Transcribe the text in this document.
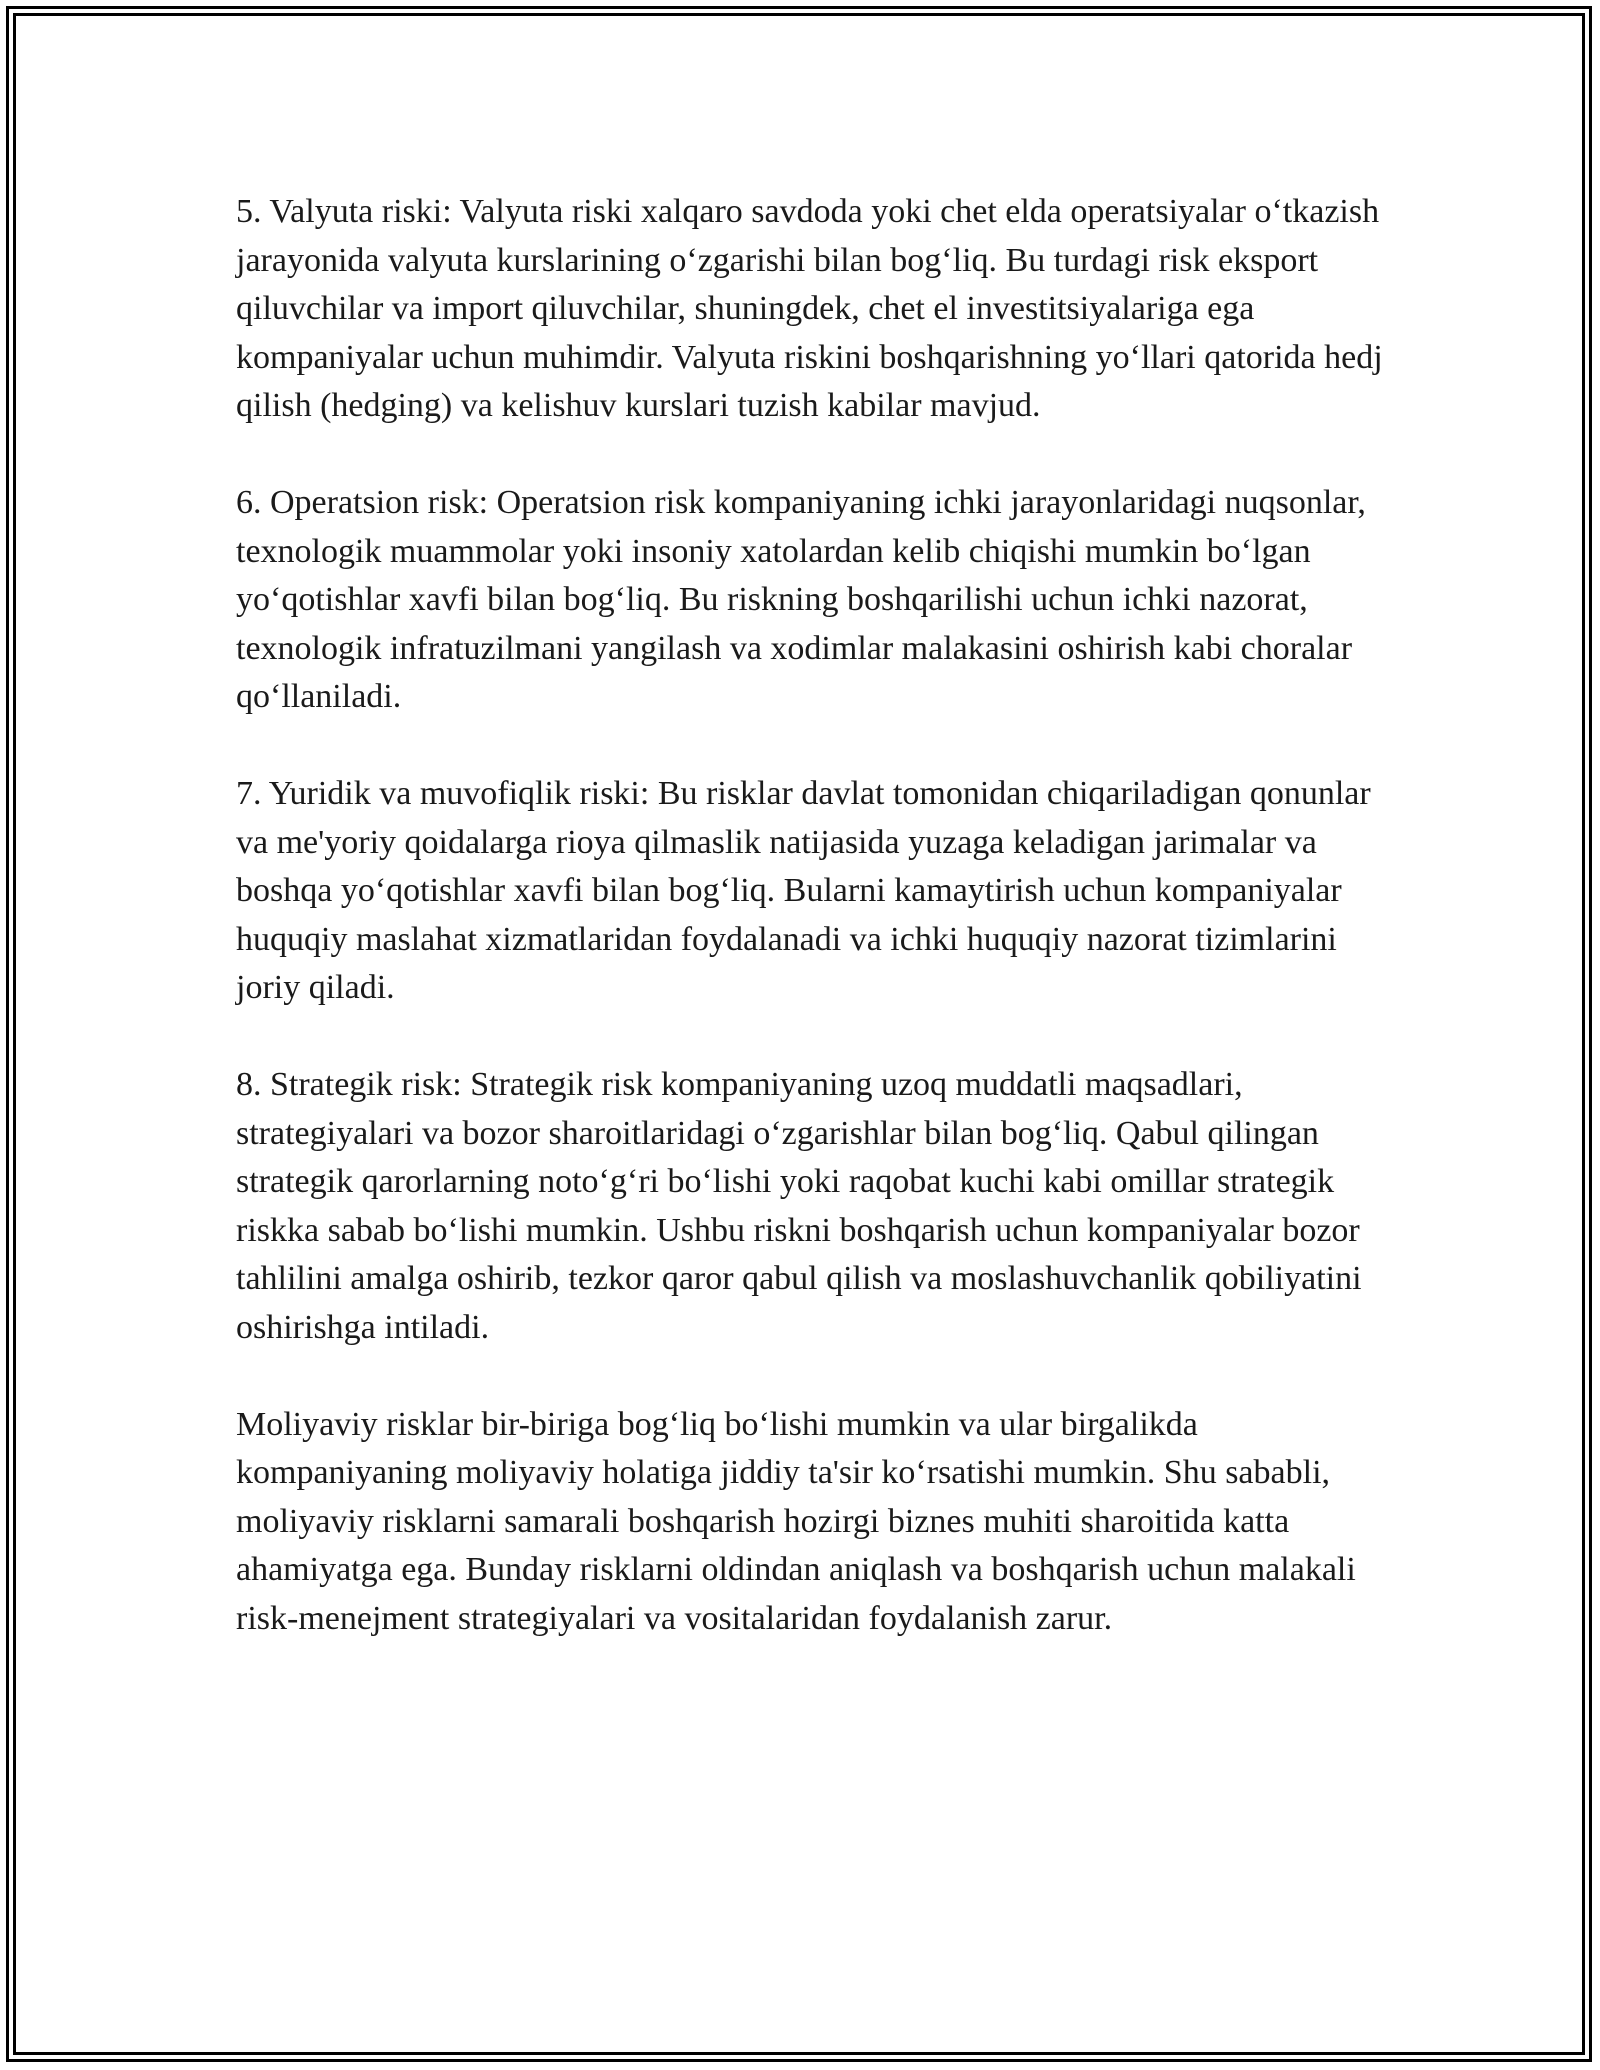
5. Valyuta riski: Valyuta riski xalqaro savdoda yoki chet elda operatsiyalar o‘tkazish jarayonida valyuta kurslarining o‘zgarishi bilan bog‘liq. Bu turdagi risk eksport qiluvchilar va import qiluvchilar, shuningdek, chet el investitsiyalariga ega kompaniyalar uchun muhimdir. Valyuta riskini boshqarishning yo‘llari qatorida hedj qilish (hedging) va kelishuv kurslari tuzish kabilar mavjud.

6. Operatsion risk: Operatsion risk kompaniyaning ichki jarayonlaridagi nuqsonlar, texnologik muammolar yoki insoniy xatolardan kelib chiqishi mumkin bo‘lgan yo‘qotishlar xavfi bilan bog‘liq. Bu riskning boshqarilishi uchun ichki nazorat, texnologik infratuzilmani yangilash va xodimlar malakasini oshirish kabi choralar qo‘llaniladi.

7. Yuridik va muvofiqlik riski: Bu risklar davlat tomonidan chiqariladigan qonunlar va me'yoriy qoidalarga rioya qilmaslik natijasida yuzaga keladigan jarimalar va boshqa yo‘qotishlar xavfi bilan bog‘liq. Bularni kamaytirish uchun kompaniyalar huquqiy maslahat xizmatlaridan foydalanadi va ichki huquqiy nazorat tizimlarini joriy qiladi.

8. Strategik risk: Strategik risk kompaniyaning uzoq muddatli maqsadlari, strategiyalari va bozor sharoitlaridagi o‘zgarishlar bilan bog‘liq. Qabul qilingan strategik qarorlarning noto‘g‘ri bo‘lishi yoki raqobat kuchi kabi omillar strategik riskka sabab bo‘lishi mumkin. Ushbu riskni boshqarish uchun kompaniyalar bozor tahlilini amalga oshirib, tezkor qaror qabul qilish va moslashuvchanlik qobiliyatini oshirishga intiladi.

Moliyaviy risklar bir-biriga bog‘liq bo‘lishi mumkin va ular birgalikda kompaniyaning moliyaviy holatiga jiddiy ta'sir ko‘rsatishi mumkin. Shu sababli, moliyaviy risklarni samarali boshqarish hozirgi biznes muhiti sharoitida katta ahamiyatga ega. Bunday risklarni oldindan aniqlash va boshqarish uchun malakali risk-menejment strategiyalari va vositalaridan foydalanish zarur.
